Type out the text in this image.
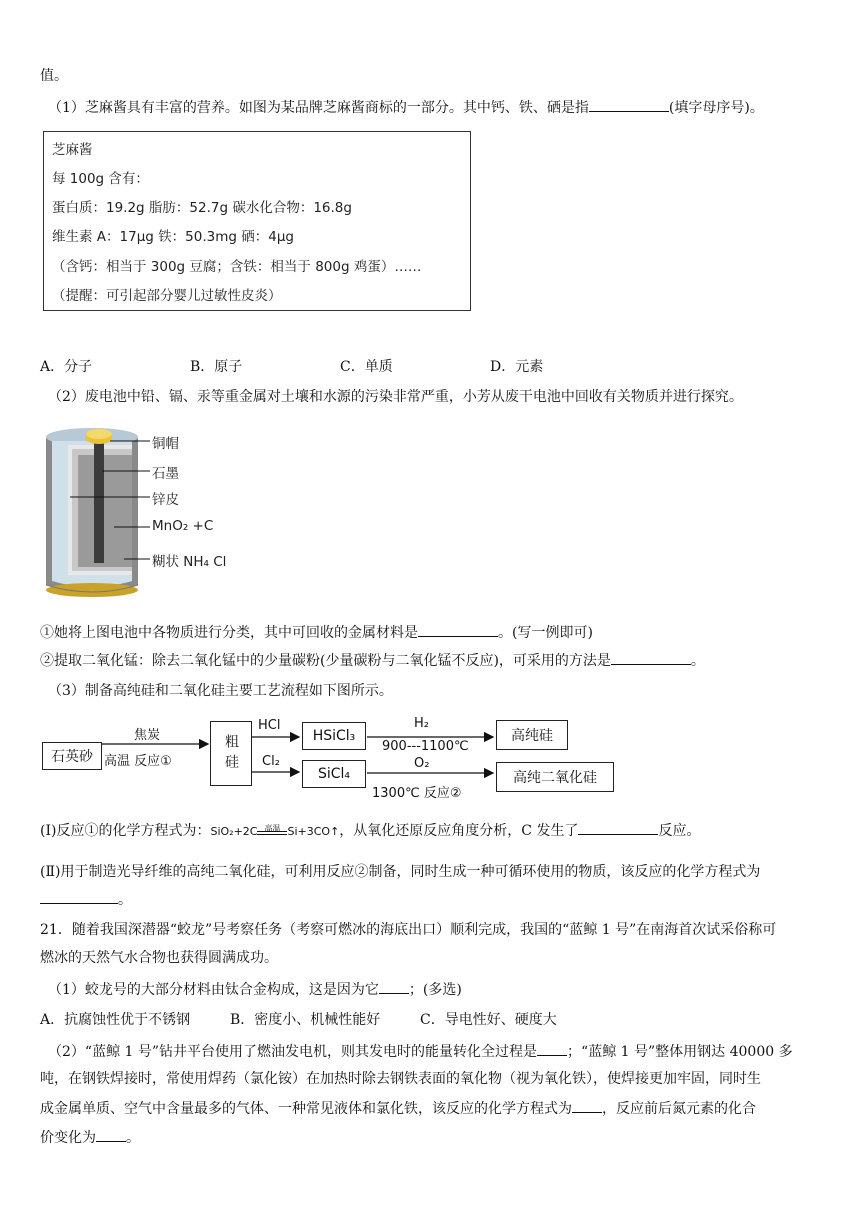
值。
（1）芝麻酱具有丰富的营养。如图为某品牌芝麻酱商标的一部分。其中钙、铁、硒是指	(填字母序号)。
芝麻酱
每 100g 含有：
蛋白质：19.2g 脂肪：52.7g 碳水化合物：16.8g
维生素 A：17μg 铁：50.3mg 硒：4μg
（含钙：相当于 300g 豆腐；含铁：相当于 800g 鸡蛋）……
（提醒：可引起部分婴儿过敏性皮炎）
A．分子	B．原子	C．单质	D．元素
（2）废电池中铅、镉、汞等重金属对土壤和水源的污染非常严重，小芳从废干电池中回收有关物质并进行探究。
铜帽
石墨
锌皮
MnO₂ +C
糊状 NH₄ Cl
①她将上图电池中各物质进行分类，其中可回收的金属材料是	。(写一例即可)
②提取二氧化锰：除去二氧化锰中的少量碳粉(少量碳粉与二氧化锰不反应)，可采用的方法是	。
（3）制备高纯硅和二氧化硅主要工艺流程如下图所示。
石英砂
焦炭
高温 反应①	粗硅
HCl
Cl₂
HSiCl₃
SiCl₄
H₂
900---1100℃
O₂
1300℃ 反应②
高纯硅
高纯二氧化硅
(Ⅰ)反应①的化学方程式为：SiO₂+2C 高温 Si+3CO↑，从氧化还原反应角度分析，C 发生了	反应。
(Ⅱ)用于制造光导纤维的高纯二氧化硅，可利用反应②制备，同时生成一种可循环使用的物质，该反应的化学方程式为
。
21．随着我国深潜器“蛟龙”号考察任务（考察可燃冰的海底出口）顺利完成，我国的“蓝鲸 1 号”在南海首次试采俗称可
燃冰的天然气水合物也获得圆满成功。
（1）蛟龙号的大部分材料由钛合金构成，这是因为它 ；(多选)
A．抗腐蚀性优于不锈钢	B．密度小、机械性能好	C．导电性好、硬度大
（2）“蓝鲸 1 号”钻井平台使用了燃油发电机，则其发电时的能量转化全过程是 ；“蓝鲸 1 号”整体用钢达 40000 多
吨，在钢铁焊接时，常使用焊药（氯化铵）在加热时除去钢铁表面的氧化物（视为氧化铁），使焊接更加牢固，同时生
成金属单质、空气中含量最多的气体、一种常见液体和氯化铁，该反应的化学方程式为 ，反应前后氮元素的化合
价变化为 。
